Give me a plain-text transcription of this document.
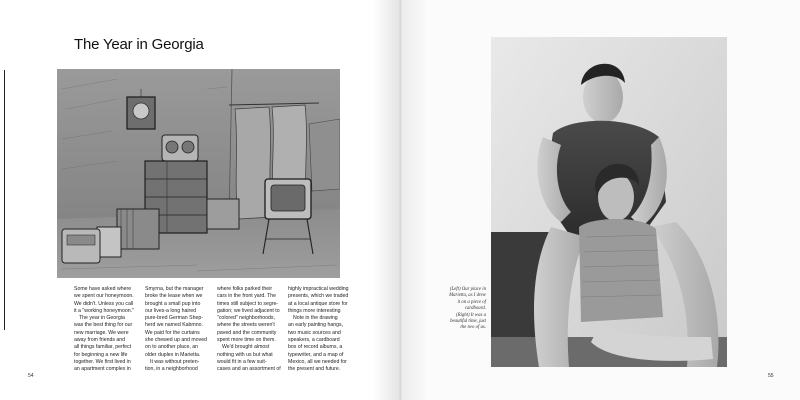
The Year in Georgia
Some have asked where
we spent our honeymoon.
We didn't. Unless you call
it a "working honeymoon."
The year in Georgia
was the best thing for our
new marriage. We were
away from friends and
all things familiar, perfect
for beginning a new life
together. We first lived in
an apartment complex in
Smyrna, but the manager
broke the lease when we
brought a small pup into
our lives-a long haired
pure-bred German Shep-
herd we named Kabmno.
We paid for the curtains
she chewed up and moved
on to another place, an
older duplex in Marietta.
It was without preten-
tion, in a neighborhood
where folks parked their
cars in the front yard. The
times still subject to segre-
gation; we lived adjacent to
"colored" neighborhoods,
where the streets weren't
paved and the community
spent more time on them.
We'd brought almost
nothing with us but what
would fit in a few suit-
cases and an assortment of
highly impractical wedding
presents, which we traded
at a local antique store for
things more interesting
Note in the drawing
an early painting hangs,
two music sources and
speakers, a cardboard
box of record albums, a
typewriter, and a map of
Mexico, all we needed for
the present and future.
54
(Left) Our place in
Marietta, as I drew
it on a piece of
cardboard.
(Right) It was a
beautiful time, just
the two of us.
55
